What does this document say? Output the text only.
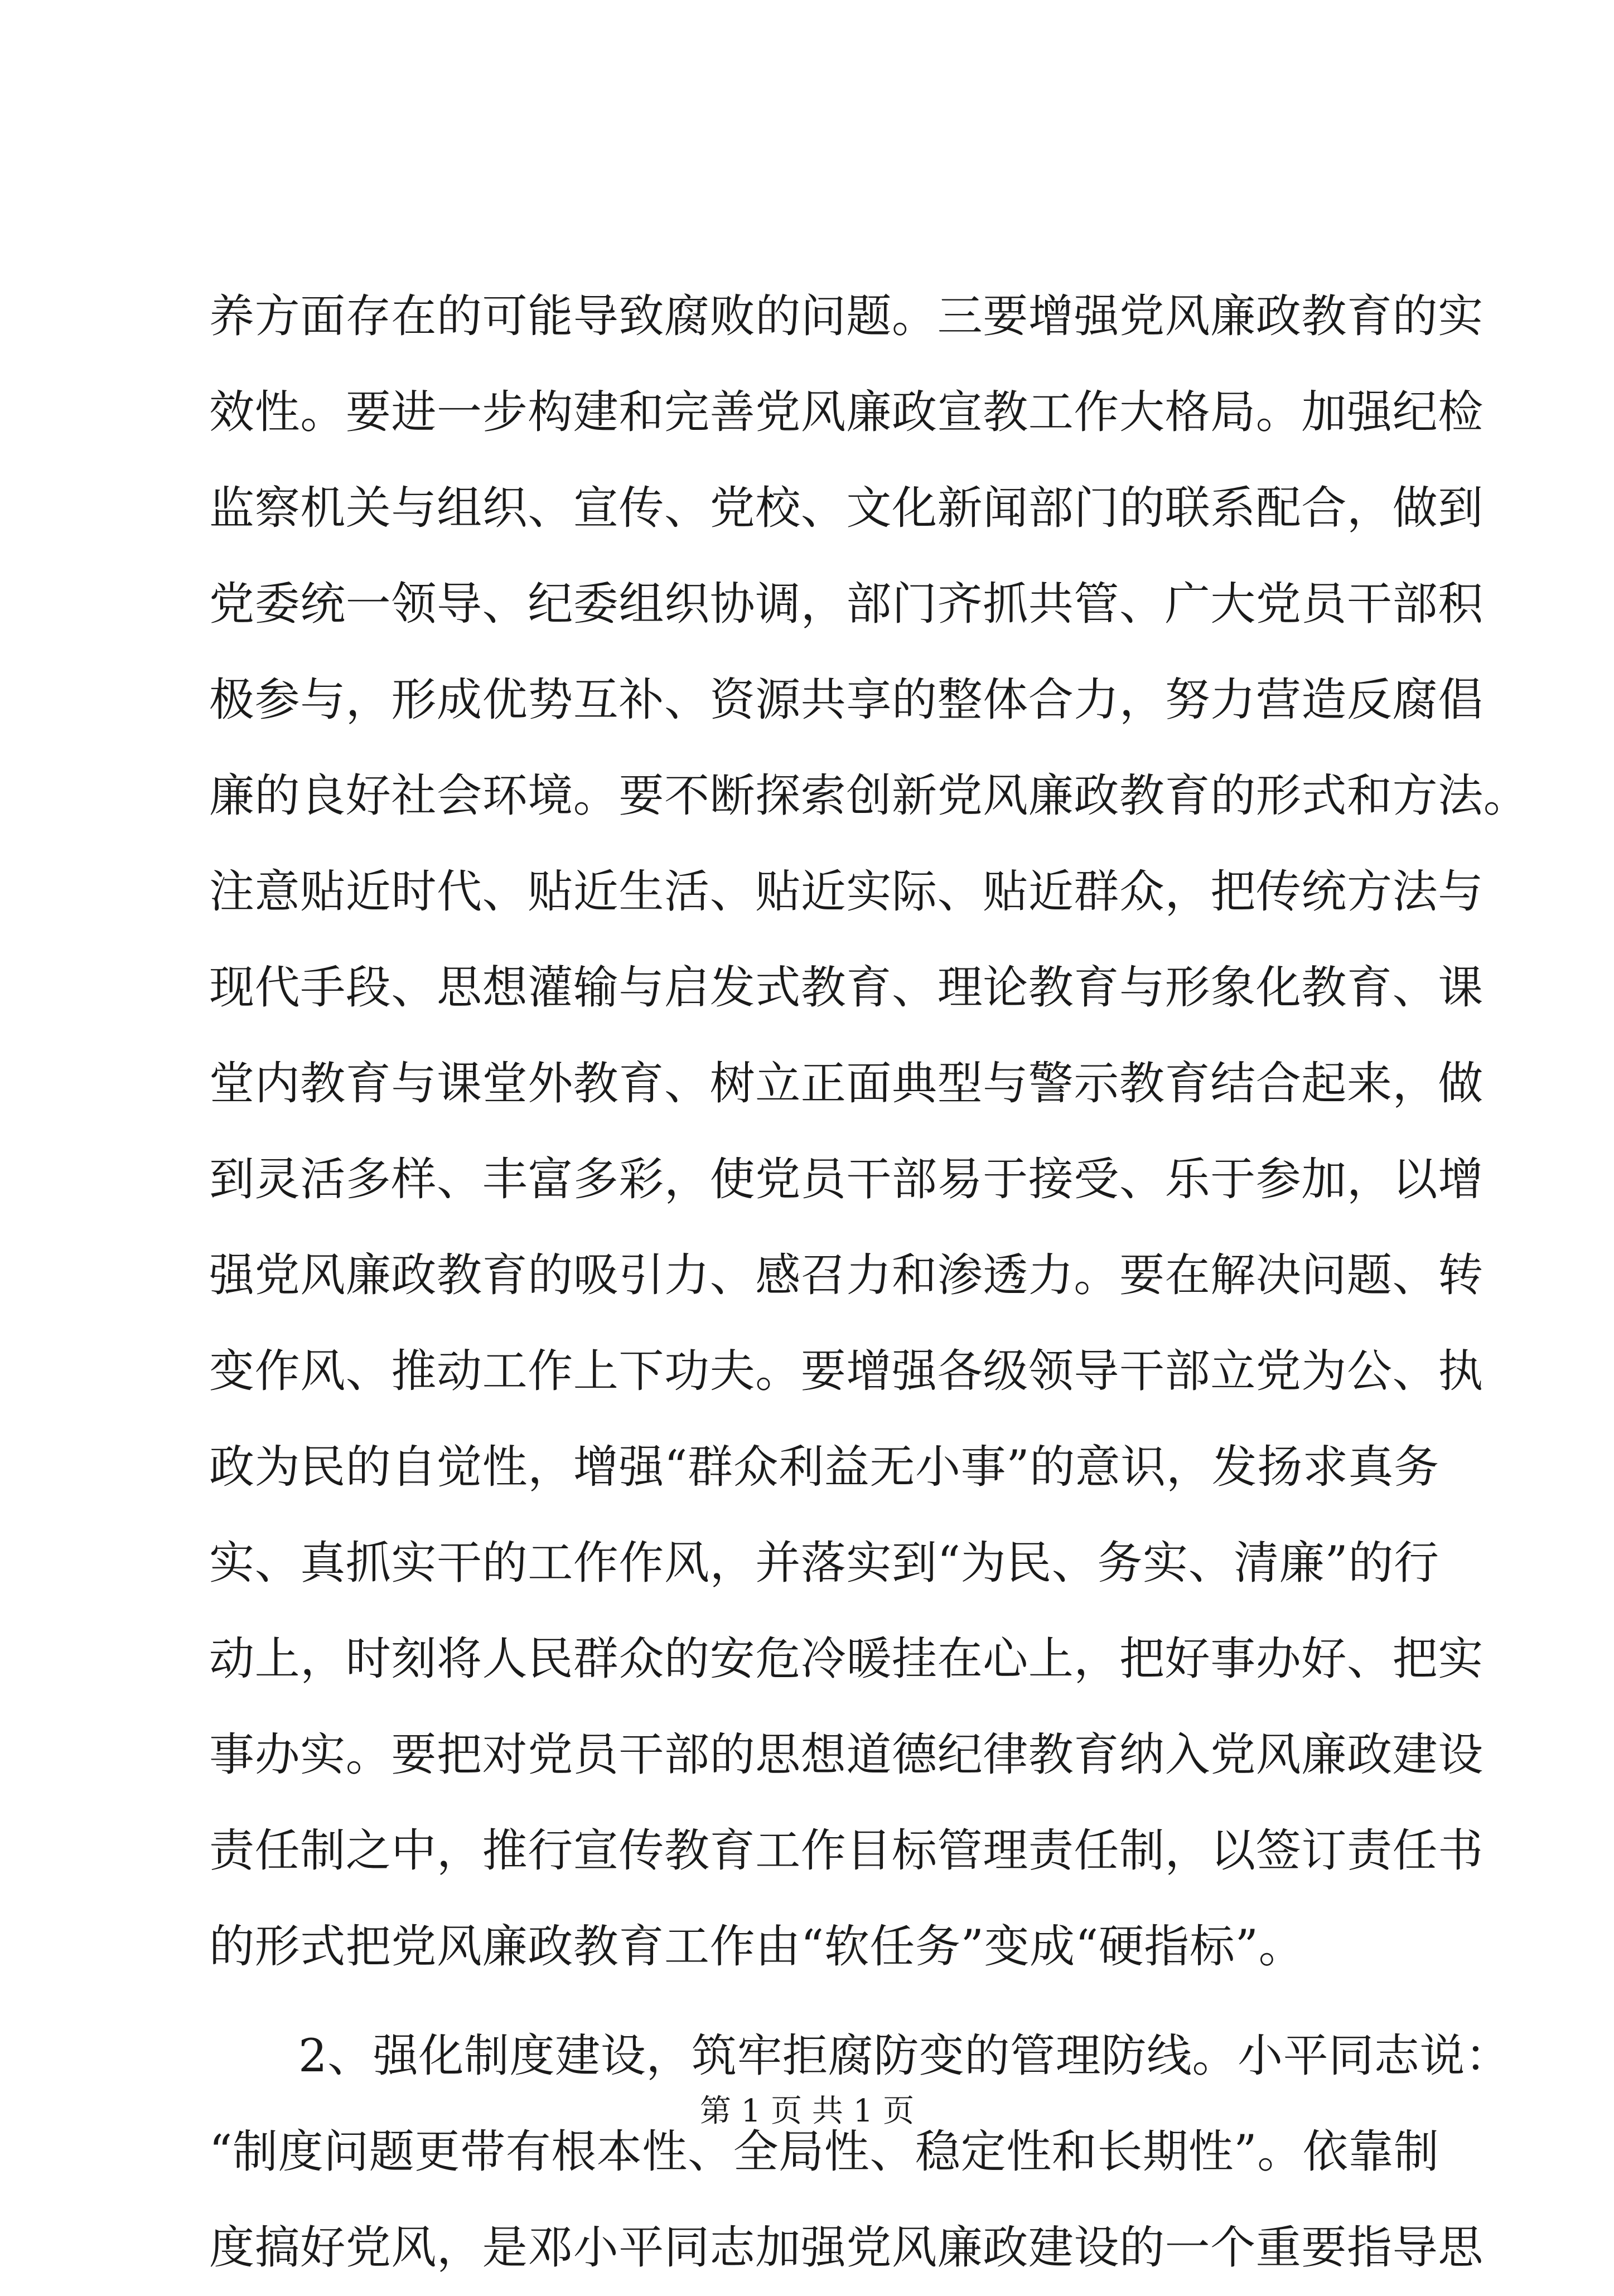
养方面存在的可能导致腐败的问题。三要增强党风廉政教育的实
效性。要进一步构建和完善党风廉政宣教工作大格局。加强纪检
监察机关与组织、宣传、党校、文化新闻部门的联系配合，做到
党委统一领导、纪委组织协调，部门齐抓共管、广大党员干部积
极参与，形成优势互补、资源共享的整体合力，努力营造反腐倡
廉的良好社会环境。要不断探索创新党风廉政教育的形式和方法。
注意贴近时代、贴近生活、贴近实际、贴近群众，把传统方法与
现代手段、思想灌输与启发式教育、理论教育与形象化教育、课
堂内教育与课堂外教育、树立正面典型与警示教育结合起来，做
到灵活多样、丰富多彩，使党员干部易于接受、乐于参加，以增
强党风廉政教育的吸引力、感召力和渗透力。要在解决问题、转
变作风、推动工作上下功夫。要增强各级领导干部立党为公、执
政为民的自觉性，增强“群众利益无小事”的意识，发扬求真务
实、真抓实干的工作作风，并落实到“为民、务实、清廉”的行
动上，时刻将人民群众的安危冷暖挂在心上，把好事办好、把实
事办实。要把对党员干部的思想道德纪律教育纳入党风廉政建设
责任制之中，推行宣传教育工作目标管理责任制，以签订责任书
的形式把党风廉政教育工作由“软任务”变成“硬指标”。
2、强化制度建设，筑牢拒腐防变的管理防线。小平同志说：
“制度问题更带有根本性、全局性、稳定性和长期性”。依靠制
度搞好党风，是邓小平同志加强党风廉政建设的一个重要指导思
第 1 页 共 1 页
